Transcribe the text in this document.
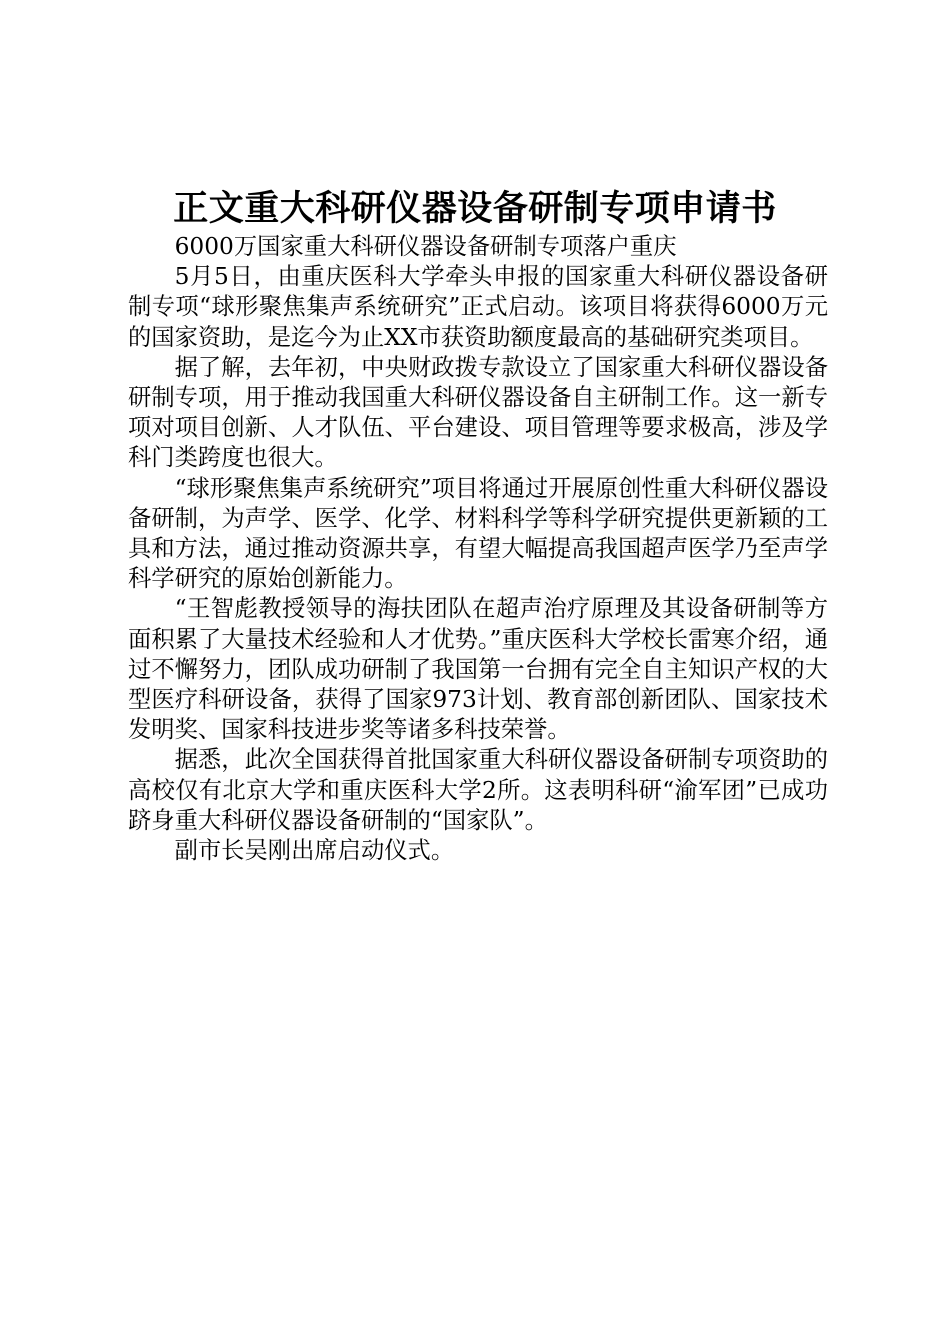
正文重大科研仪器设备研制专项申请书

6000万国家重大科研仪器设备研制专项落户重庆

5月5日，由重庆医科大学牵头申报的国家重大科研仪器设备研制专项“球形聚焦集声系统研究”正式启动。该项目将获得6000万元的国家资助，是迄今为止XX市获资助额度最高的基础研究类项目。

据了解，去年初，中央财政拨专款设立了国家重大科研仪器设备研制专项，用于推动我国重大科研仪器设备自主研制工作。这一新专项对项目创新、人才队伍、平台建设、项目管理等要求极高，涉及学科门类跨度也很大。

“球形聚焦集声系统研究”项目将通过开展原创性重大科研仪器设备研制，为声学、医学、化学、材料科学等科学研究提供更新颖的工具和方法，通过推动资源共享，有望大幅提高我国超声医学乃至声学科学研究的原始创新能力。

“王智彪教授领导的海扶团队在超声治疗原理及其设备研制等方面积累了大量技术经验和人才优势。”重庆医科大学校长雷寒介绍，通过不懈努力，团队成功研制了我国第一台拥有完全自主知识产权的大型医疗科研设备，获得了国家973计划、教育部创新团队、国家技术发明奖、国家科技进步奖等诸多科技荣誉。

据悉，此次全国获得首批国家重大科研仪器设备研制专项资助的高校仅有北京大学和重庆医科大学2所。这表明科研“渝军团”已成功跻身重大科研仪器设备研制的“国家队”。

副市长吴刚出席启动仪式。
